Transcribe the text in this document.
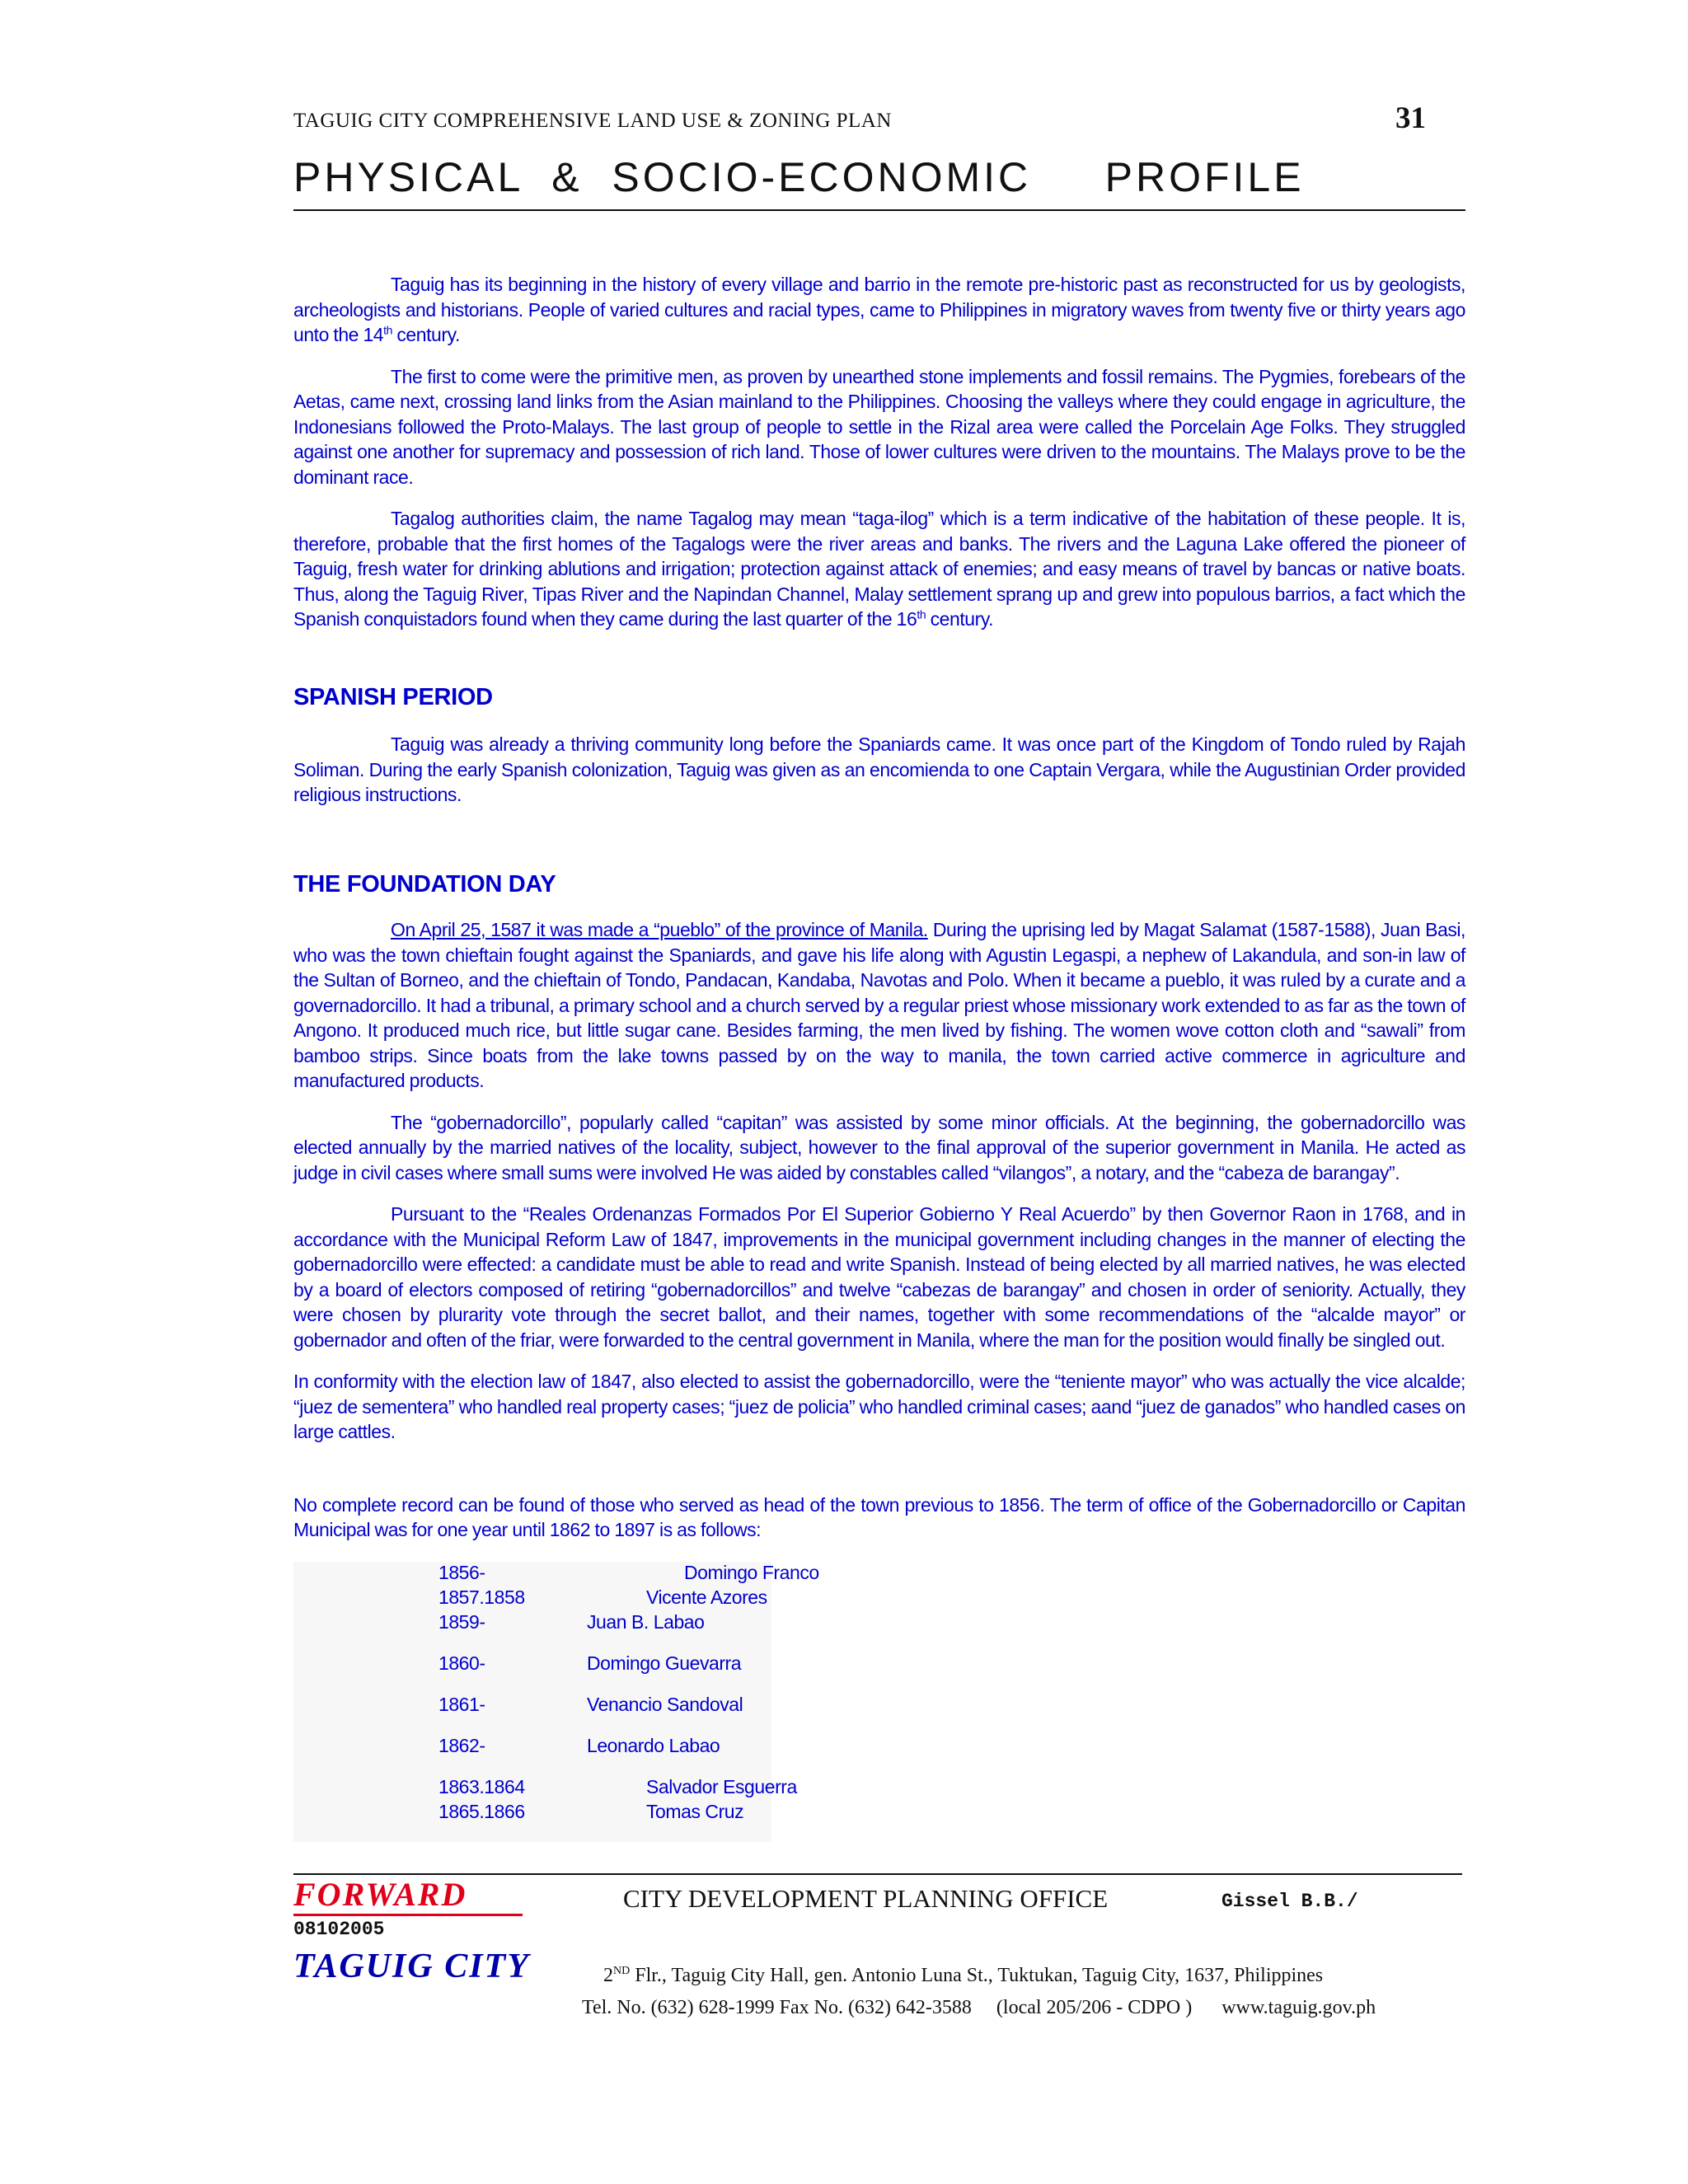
TAGUIG CITY COMPREHENSIVE LAND USE & ZONING PLAN	31
PHYSICAL  &  SOCIO-ECONOMIC     PROFILE

Taguig has its beginning in the history of every village and barrio in the remote pre-historic past as reconstructed for us by geologists, archeologists and historians. People of varied cultures and racial types, came to Philippines in migratory waves from twenty five or thirty years ago unto the 14th century.

The first to come were the primitive men, as proven by unearthed stone implements and fossil remains. The Pygmies, forebears of the Aetas, came next, crossing land links from the Asian mainland to the Philippines. Choosing the valleys where they could engage in agriculture, the Indonesians followed the Proto-Malays. The last group of people to settle in the Rizal area were called the Porcelain Age Folks. They struggled against one another for supremacy and possession of rich land. Those of lower cultures were driven to the mountains. The Malays prove to be the dominant race.

Tagalog authorities claim, the name Tagalog may mean “taga-ilog” which is a term indicative of the habitation of these people. It is, therefore, probable that the first homes of the Tagalogs were the river areas and banks. The rivers and the Laguna Lake offered the pioneer of Taguig, fresh water for drinking ablutions and irrigation; protection against attack of enemies; and easy means of travel by bancas or native boats. Thus, along the Taguig River, Tipas River and the Napindan Channel, Malay settlement sprang up and grew into populous barrios, a fact which the Spanish conquistadors found when they came during the last quarter of the 16th century.

SPANISH PERIOD

Taguig was already a thriving community long before the Spaniards came. It was once part of the Kingdom of Tondo ruled by Rajah Soliman. During the early Spanish colonization, Taguig was given as an encomienda to one Captain Vergara, while the Augustinian Order provided religious instructions.

THE FOUNDATION DAY

On April 25, 1587 it was made a “pueblo” of the province of Manila. During the uprising led by Magat Salamat (1587-1588), Juan Basi, who was the town chieftain fought against the Spaniards, and gave his life along with Agustin Legaspi, a nephew of Lakandula, and son-in law of the Sultan of Borneo, and the chieftain of Tondo, Pandacan, Kandaba, Navotas and Polo. When it became a pueblo, it was ruled by a curate and a governadorcillo. It had a tribunal, a primary school and a church served by a regular priest whose missionary work extended to as far as the town of Angono. It produced much rice, but little sugar cane. Besides farming, the men lived by fishing. The women wove cotton cloth and “sawali” from bamboo strips. Since boats from the lake towns passed by on the way to manila, the town carried active commerce in agriculture and manufactured products.

The “gobernadorcillo”, popularly called “capitan” was assisted by some minor officials. At the beginning, the gobernadorcillo was elected annually by the married natives of the locality, subject, however to the final approval of the superior government in Manila. He acted as judge in civil cases where small sums were involved He was aided by constables called “vilangos”, a notary, and the “cabeza de barangay”.

Pursuant to the “Reales Ordenanzas Formados Por El Superior Gobierno Y Real Acuerdo” by then Governor Raon in 1768, and in accordance with the Municipal Reform Law of 1847, improvements in the municipal government including changes in the manner of electing the gobernadorcillo were effected: a candidate must be able to read and write Spanish. Instead of being elected by all married natives, he was elected by a board of electors composed of retiring “gobernadorcillos” and twelve “cabezas de barangay” and chosen in order of seniority. Actually, they were chosen by plurarity vote through the secret ballot, and their names, together with some recommendations of the “alcalde mayor” or gobernador and often of the friar, were forwarded to the central government in Manila, where the man for the position would finally be singled out.

In conformity with the election law of 1847, also elected to assist the gobernadorcillo, were the “teniente mayor” who was actually the vice alcalde; “juez de sementera” who handled real property cases; “juez de policia” who handled criminal cases; aand “juez de ganados” who handled cases on large cattles.

No complete record can be found of those who served as head of the town previous to 1856. The term of office of the Gobernadorcillo or Capitan Municipal was for one year until 1862 to 1897 is as follows:

1856-	Domingo Franco
1857.1858	Vicente Azores
1859-	Juan B. Labao
1860-	Domingo Guevarra
1861-	Venancio Sandoval
1862-	Leonardo Labao
1863.1864	Salvador Esguerra
1865.1866	Tomas Cruz
FORWARD
08102005
TAGUIG CITY
CITY DEVELOPMENT PLANNING OFFICE	Gissel B.B./
2ND Flr., Taguig City Hall, gen. Antonio Luna St., Tuktukan, Taguig City, 1637, Philippines
Tel. No. (632) 628-1999 Fax No. (632) 642-3588     (local 205/206 - CDPO )      www.taguig.gov.ph
